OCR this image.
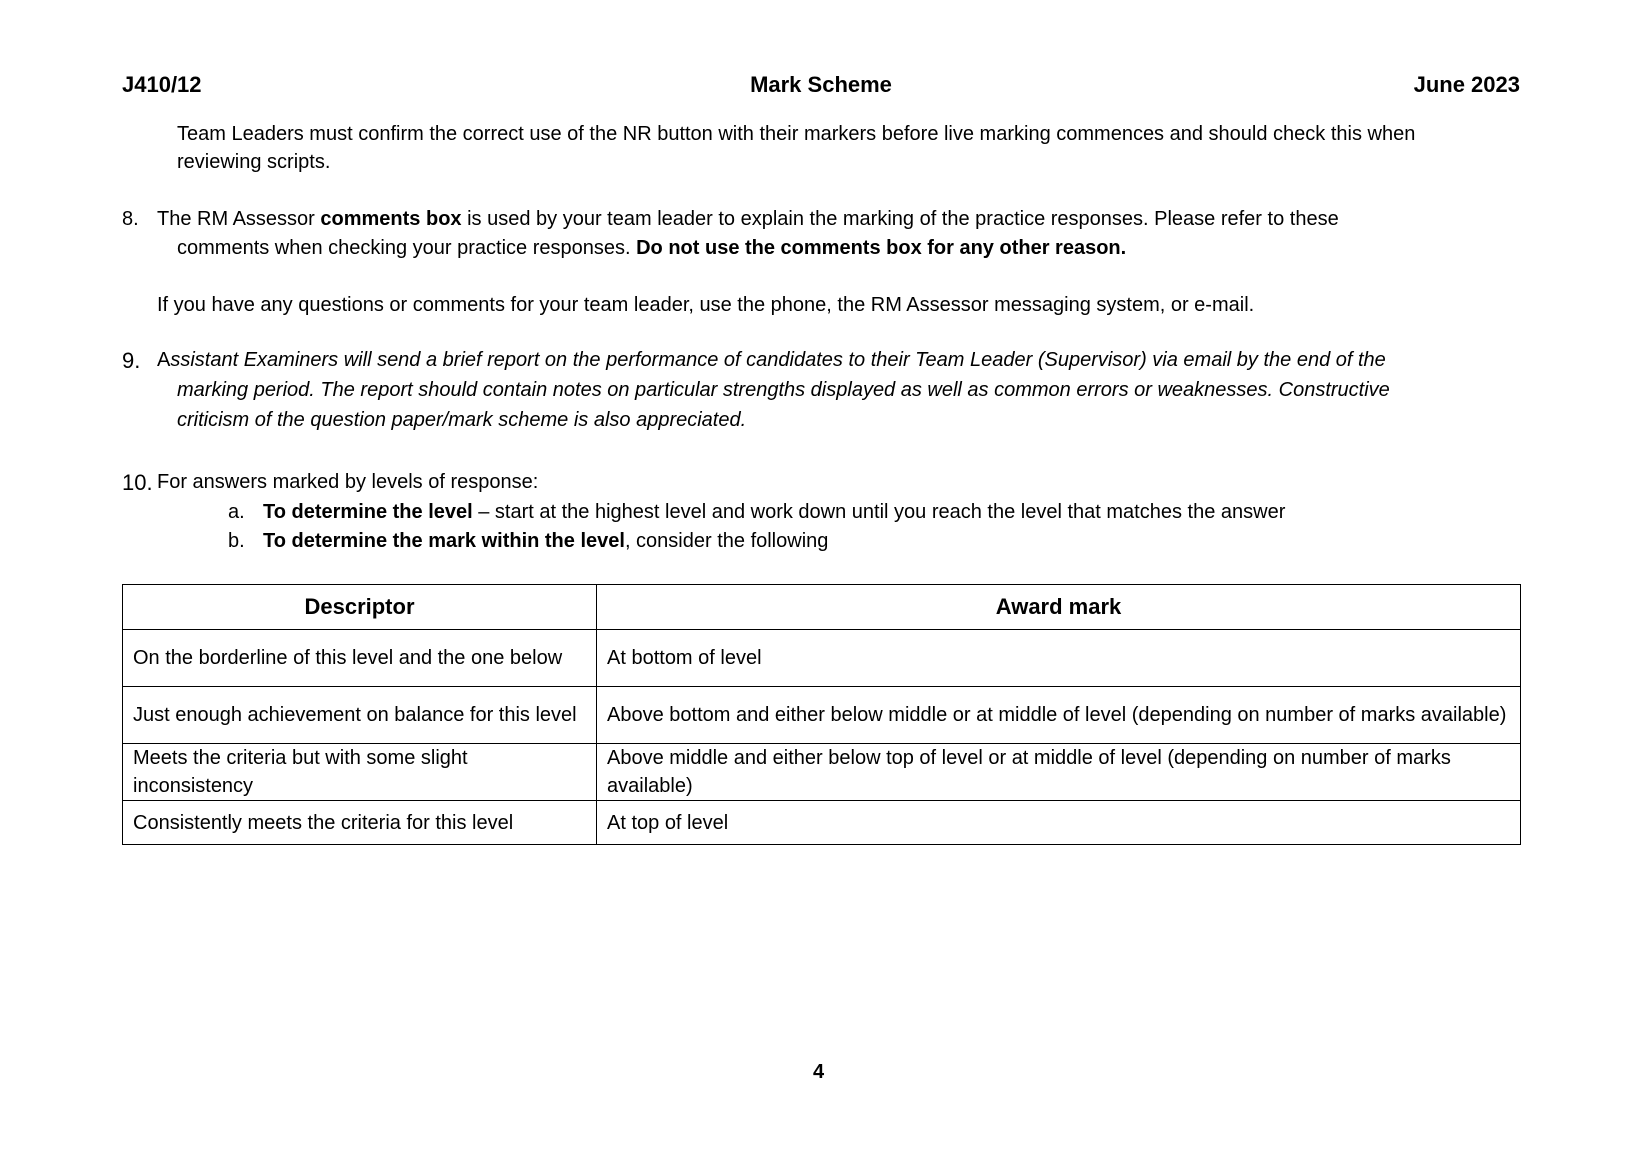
J410/12	Mark Scheme	June 2023
Team Leaders must confirm the correct use of the NR button with their markers before live marking commences and should check this when
reviewing scripts.
8. The RM Assessor comments box is used by your team leader to explain the marking of the practice responses. Please refer to these
comments when checking your practice responses. Do not use the comments box for any other reason.
If you have any questions or comments for your team leader, use the phone, the RM Assessor messaging system, or e-mail.
9. Assistant Examiners will send a brief report on the performance of candidates to their Team Leader (Supervisor) via email by the end of the
marking period. The report should contain notes on particular strengths displayed as well as common errors or weaknesses. Constructive
criticism of the question paper/mark scheme is also appreciated.
10. For answers marked by levels of response:
a. To determine the level – start at the highest level and work down until you reach the level that matches the answer
b. To determine the mark within the level, consider the following
Descriptor	Award mark
On the borderline of this level and the one below	At bottom of level
Just enough achievement on balance for this level	Above bottom and either below middle or at middle of level (depending on number of marks available)
Meets the criteria but with some slight inconsistency	Above middle and either below top of level or at middle of level (depending on number of marks available)
Consistently meets the criteria for this level	At top of level
4
